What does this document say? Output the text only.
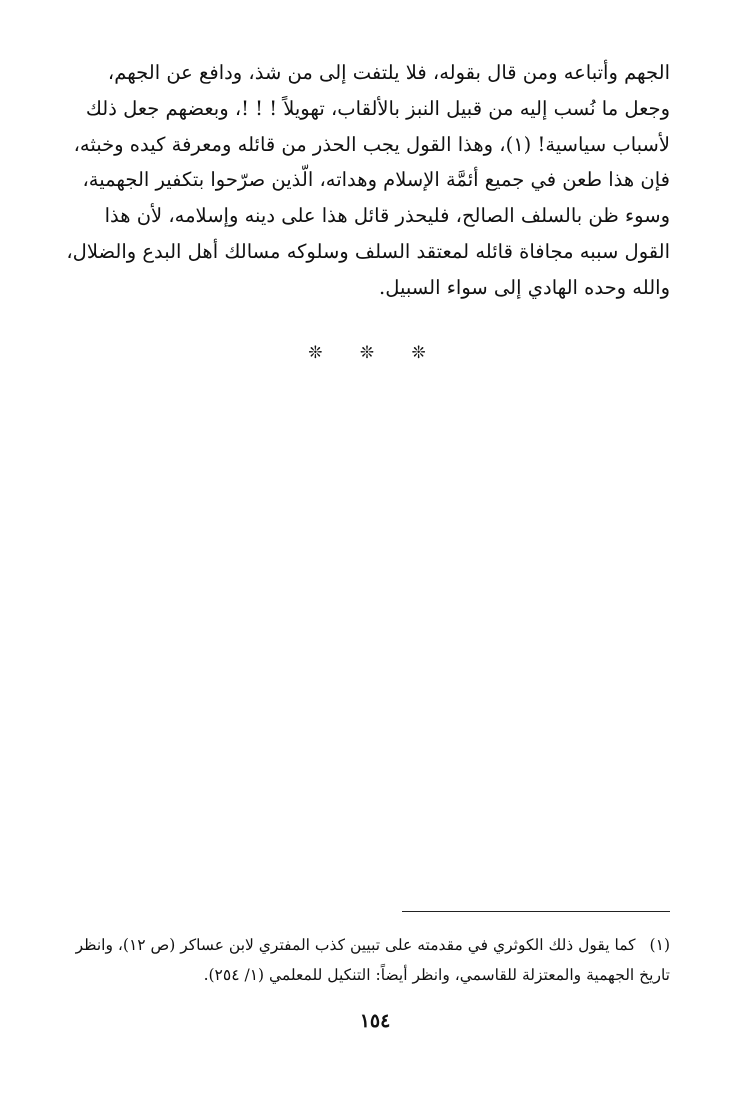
الجهم وأتباعه ومن قال بقوله، فلا يلتفت إلى من شذ، ودافع عن الجهم،
وجعل ما نُسب إليه من قبيل النبز بالألقاب، تهويلاً ! ! !، وبعضهم جعل ذلك
لأسباب سياسية! (١)، وهذا القول يجب الحذر من قائله ومعرفة كيده وخبثه،
فإن هذا طعن في جميع أئمَّة الإسلام وهداته، الّذين صرّحوا بتكفير الجهمية،
وسوء ظن بالسلف الصالح، فليحذر قائل هذا على دينه وإسلامه، لأن هذا
القول سببه مجافاة قائله لمعتقد السلف وسلوكه مسالك أهل البدع والضلال،
والله وحده الهادي إلى سواء السبيل.
❊ ❊ ❊
(١)كما يقول ذلك الكوثري في مقدمته على تبيين كذب المفتري لابن عساكر (ص ١٢)، وانظر
تاريخ الجهمية والمعتزلة للقاسمي، وانظر أيضاً: التنكيل للمعلمي (١/ ٢٥٤).
١٥٤
